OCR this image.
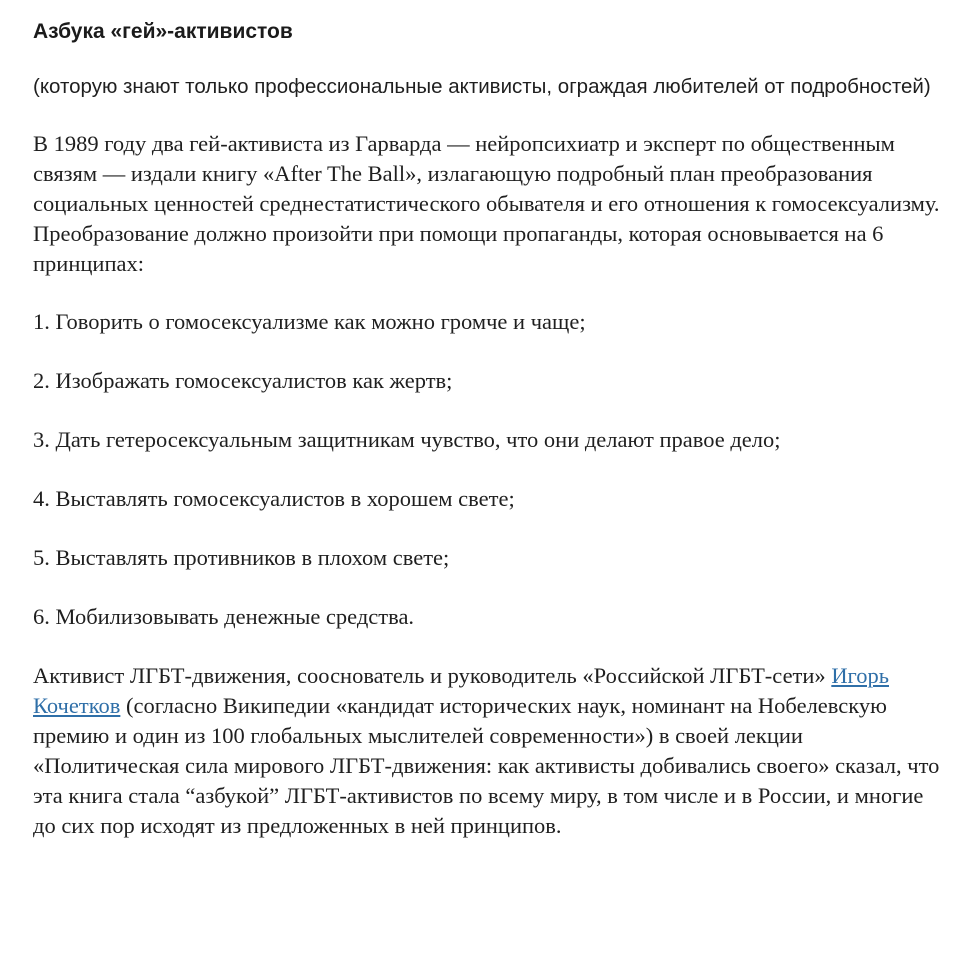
Азбука «гей»-активистов

(которую знают только профессиональные активисты, ограждая любителей от подробностей)

В 1989 году два гей-активиста из Гарварда — нейропсихиатр и эксперт по общественным связям — издали книгу «After The Ball», излагающую подробный план преобразования социальных ценностей среднестатистического обывателя и его отношения к гомосексуализму. Преобразование должно произойти при помощи пропаганды, которая основывается на 6 принципах:

1. Говорить о гомосексуализме как можно громче и чаще;

2. Изображать гомосексуалистов как жертв;

3. Дать гетеросексуальным защитникам чувство, что они делают правое дело;

4. Выставлять гомосексуалистов в хорошем свете;

5. Выставлять противников в плохом свете;

6. Мобилизовывать денежные средства.

Активист ЛГБТ-движения, сооснователь и руководитель «Российской ЛГБТ-сети» Игорь Кочетков (согласно Википедии «кандидат исторических наук, номинант на Нобелевскую премию и один из 100 глобальных мыслителей современности») в своей лекции «Политическая сила мирового ЛГБТ-движения: как активисты добивались своего» сказал, что эта книга стала “азбукой” ЛГБТ-активистов по всему миру, в том числе и в России, и многие до сих пор исходят из предложенных в ней принципов.
